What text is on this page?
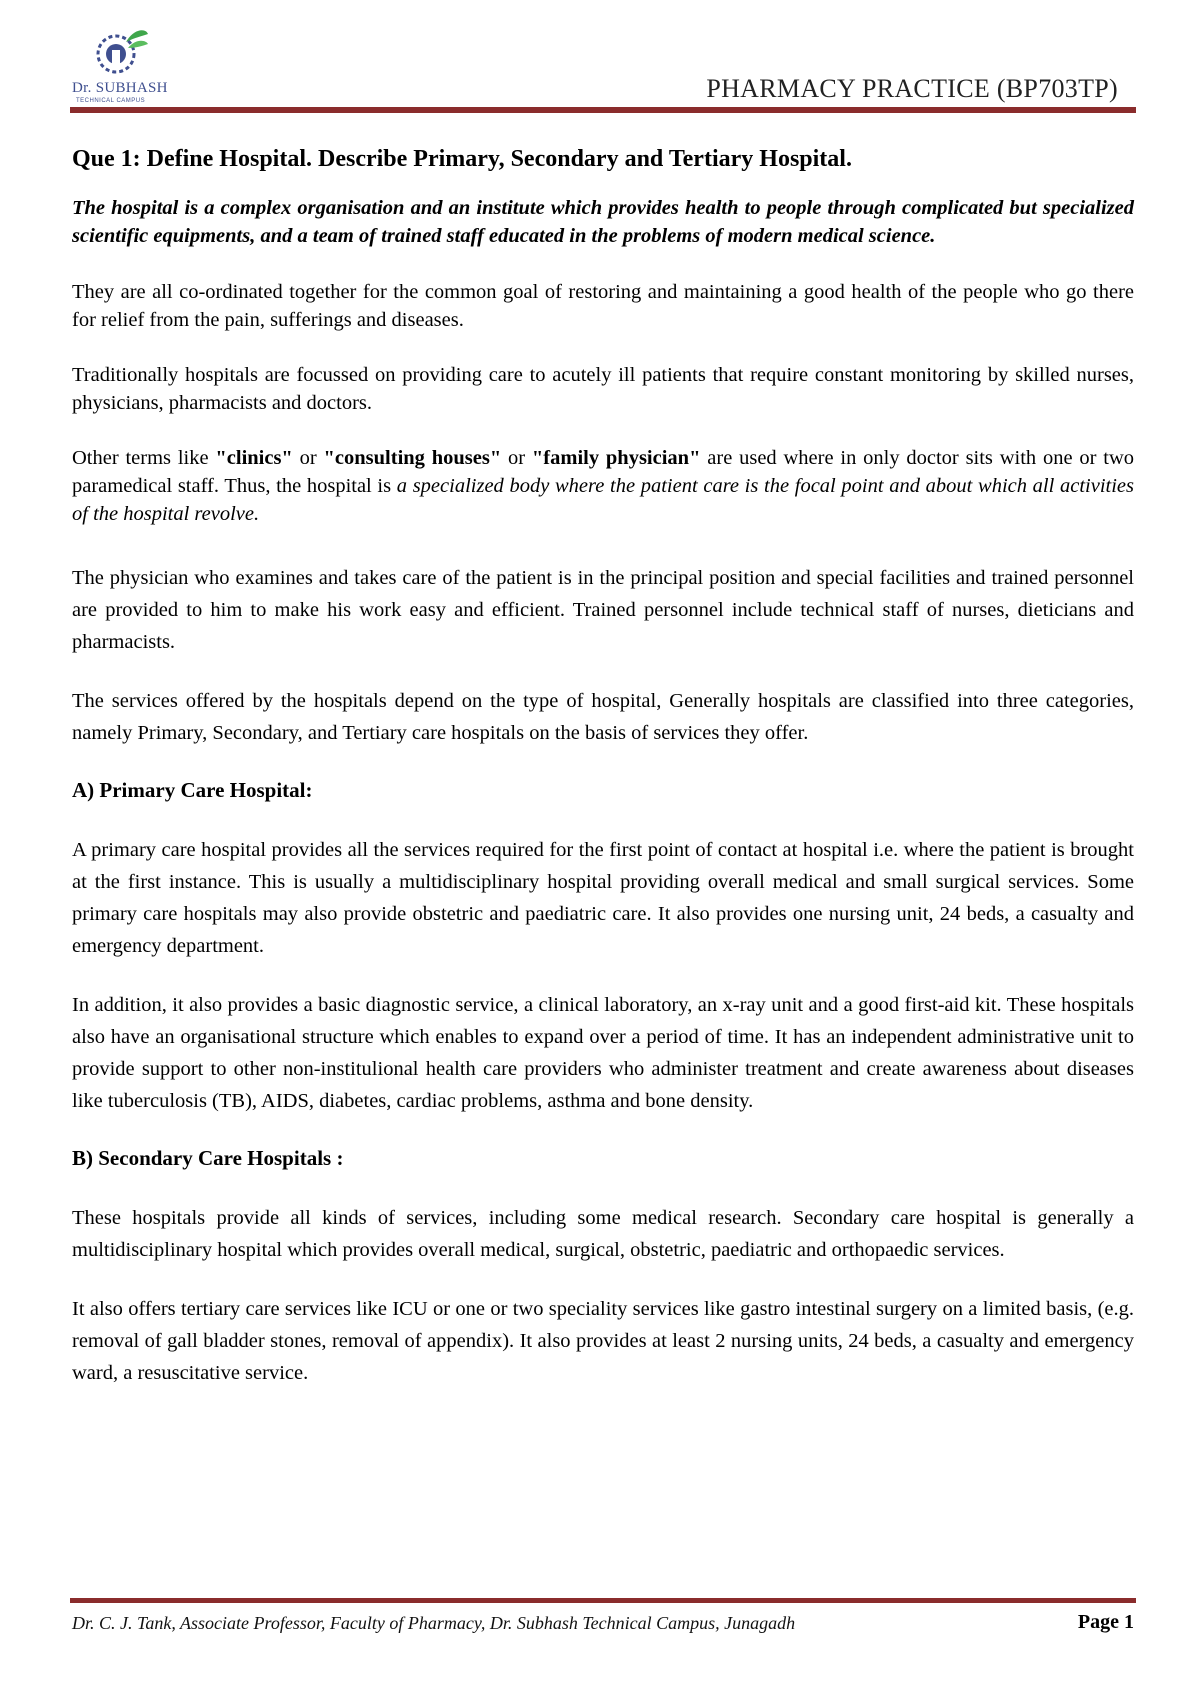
Dr. SUBHASH
TECHNICAL CAMPUS	PHARMACY PRACTICE (BP703TP)
Que 1: Define Hospital. Describe Primary, Secondary and Tertiary Hospital.

The hospital is a complex organisation and an institute which provides health to people through complicated but specialized scientific equipments, and a team of trained staff educated in the problems of modern medical science.

They are all co-ordinated together for the common goal of restoring and maintaining a good health of the people who go there for relief from the pain, sufferings and diseases.

Traditionally hospitals are focussed on providing care to acutely ill patients that require constant monitoring by skilled nurses, physicians, pharmacists and doctors.

Other terms like "clinics" or "consulting houses" or "family physician" are used where in only doctor sits with one or two paramedical staff. Thus, the hospital is a specialized body where the patient care is the focal point and about which all activities of the hospital revolve.

The physician who examines and takes care of the patient is in the principal position and special facilities and trained personnel are provided to him to make his work easy and efficient. Trained personnel include technical staff of nurses, dieticians and pharmacists.

The services offered by the hospitals depend on the type of hospital, Generally hospitals are classified into three categories, namely Primary, Secondary, and Tertiary care hospitals on the basis of services they offer.

A) Primary Care Hospital:

A primary care hospital provides all the services required for the first point of contact at hospital i.e. where the patient is brought at the first instance. This is usually a multidisciplinary hospital providing overall medical and small surgical services. Some primary care hospitals may also provide obstetric and paediatric care. It also provides one nursing unit, 24 beds, a casualty and emergency department.

In addition, it also provides a basic diagnostic service, a clinical laboratory, an x-ray unit and a good first-aid kit. These hospitals also have an organisational structure which enables to expand over a period of time. It has an independent administrative unit to provide support to other non-institulional health care providers who administer treatment and create awareness about diseases like tuberculosis (TB), AIDS, diabetes, cardiac problems, asthma and bone density.

B) Secondary Care Hospitals :

These hospitals provide all kinds of services, including some medical research. Secondary care hospital is generally a multidisciplinary hospital which provides overall medical, surgical, obstetric, paediatric and orthopaedic services.

It also offers tertiary care services like ICU or one or two speciality services like gastro intestinal surgery on a limited basis, (e.g. removal of gall bladder stones, removal of appendix). It also provides at least 2 nursing units, 24 beds, a casualty and emergency ward, a resuscitative service.

Dr. C. J. Tank, Associate Professor, Faculty of Pharmacy, Dr. Subhash Technical Campus, Junagadh	Page 1
